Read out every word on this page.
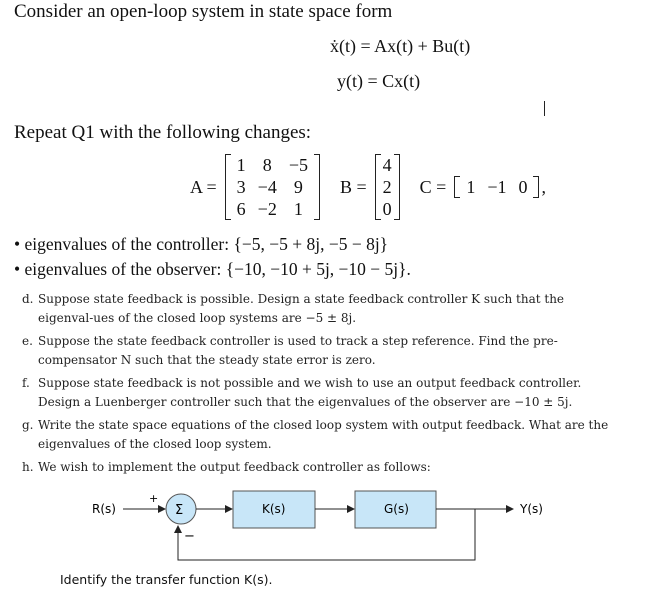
Consider an open-loop system in state space form
ẋ(t) = Ax(t) + Bu(t)
y(t) = Cx(t)
Repeat Q1 with the following changes:
A =
1 8 −5
3 −4 9
6 −2 1
B =
4
2
0
C =	1 −1 0 ,
• eigenvalues of the controller: {−5, −5 + 8j, −5 − 8j}
• eigenvalues of the observer: {−10, −10 + 5j, −10 − 5j}.
d. Suppose state feedback is possible. Design a state feedback controller K such that the eigenval-ues of the closed loop systems are −5 ± 8j.
e. Suppose the state feedback controller is used to track a step reference. Find the pre-compensator N such that the steady state error is zero.
f. Suppose state feedback is not possible and we wish to use an output feedback controller. Design a Luenberger controller such that the eigenvalues of the observer are −10 ± 5j.
g. Write the state space equations of the closed loop system with output feedback. What are the eigenvalues of the closed loop system.
h. We wish to implement the output feedback controller as follows:
R(s)
+
Σ	K(s)	G(s)	Y(s)
−
Identify the transfer function K(s).
